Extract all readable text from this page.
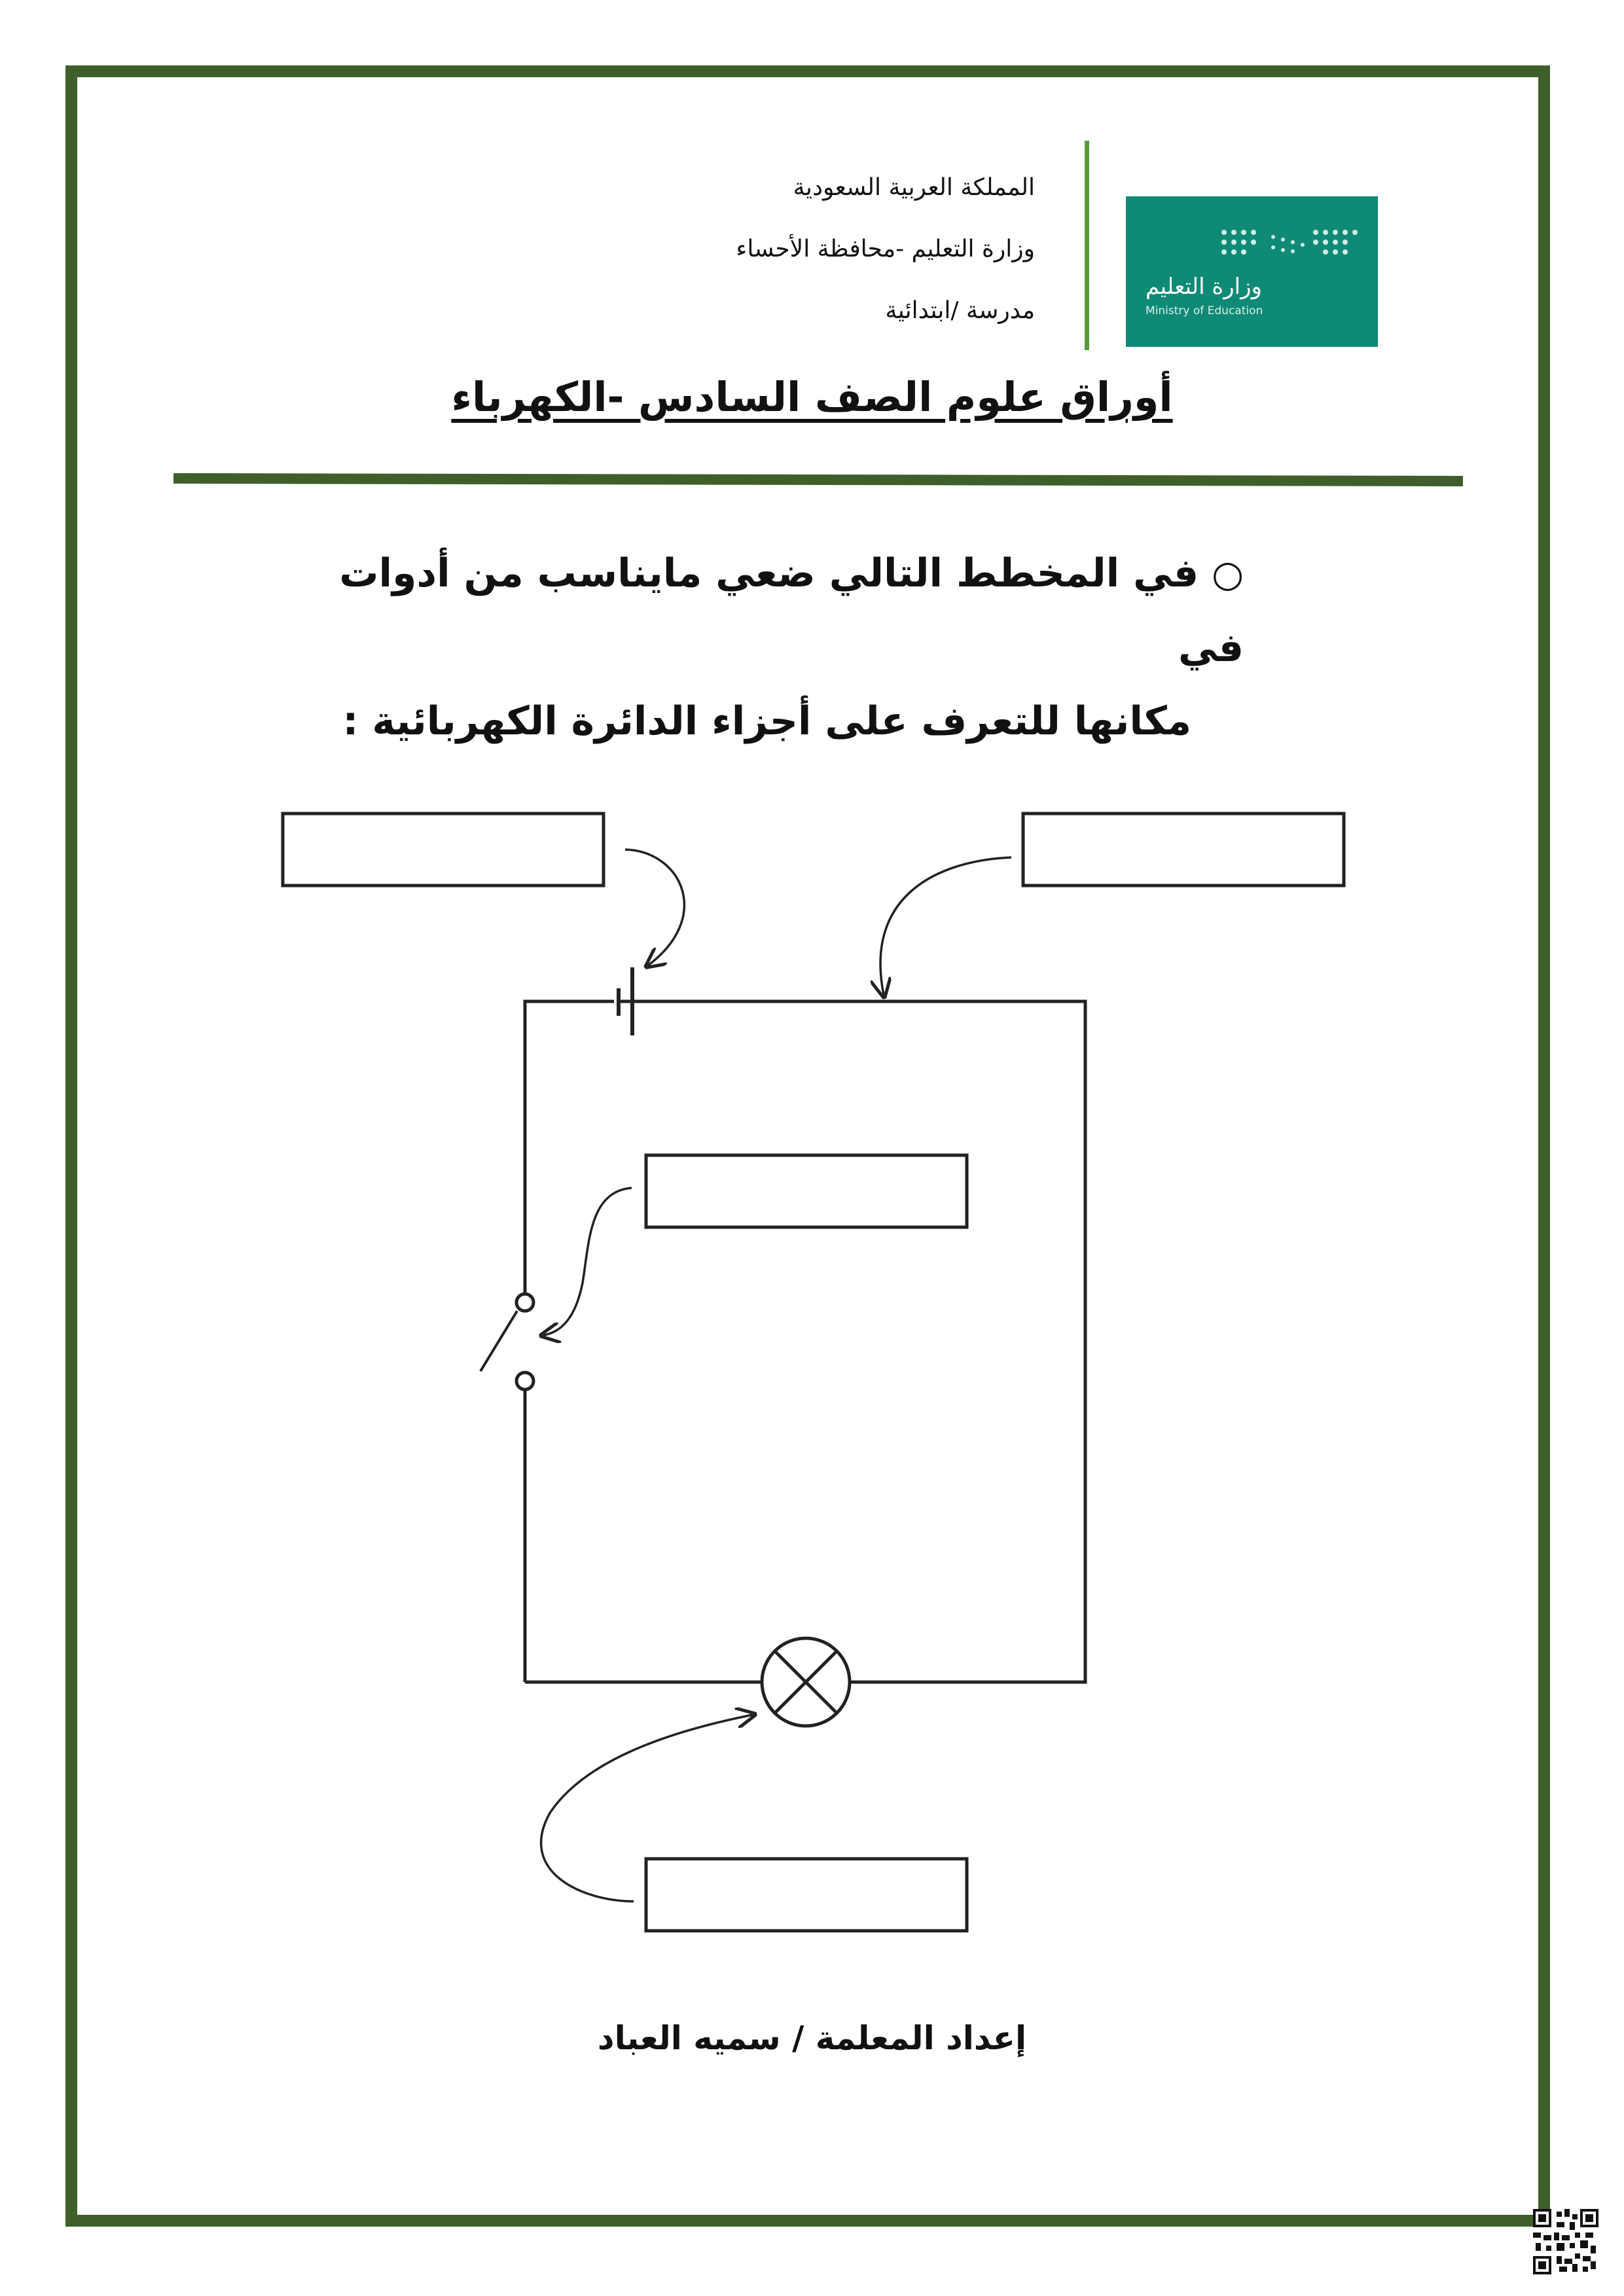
المملكة العربية السعودية
وزارة التعليم -محافظة الأحساء
مدرسة /ابتدائية
وزارة التعليم
Ministry of Education
أوراق علوم الصف السادس -الكهرباء
○في المخطط التالي ضعي مايناسب من أدوات في
مكانها للتعرف على أجزاء الدائرة الكهربائية :
إعداد المعلمة / سميه العباد
